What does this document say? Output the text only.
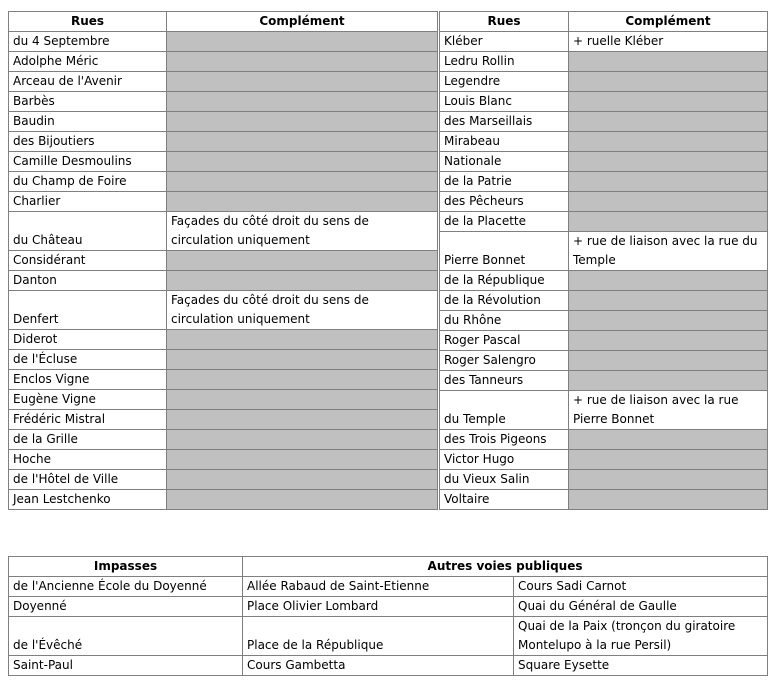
Rues	Complément
du 4 Septembre	
Adolphe Méric	
Arceau de l'Avenir	
Barbès	
Baudin	
des Bijoutiers	
Camille Desmoulins	
du Champ de Foire	
Charlier	
du Château	Façades du côté droit du sens de circulation uniquement
Considérant	
Danton	
Denfert	Façades du côté droit du sens de circulation uniquement
Diderot	
de l'Écluse	
Enclos Vigne	
Eugène Vigne	
Frédéric Mistral	
de la Grille	
Hoche	
de l'Hôtel de Ville	
Jean Lestchenko	
Rues	Complément
Kléber	+ ruelle Kléber
Ledru Rollin	
Legendre	
Louis Blanc	
des Marseillais	
Mirabeau	
Nationale	
de la Patrie	
des Pêcheurs	
de la Placette	
Pierre Bonnet	+ rue de liaison avec la rue du Temple
de la République	
de la Révolution	
du Rhône	
Roger Pascal	
Roger Salengro	
des Tanneurs	
du Temple	+ rue de liaison avec la rue Pierre Bonnet
des Trois Pigeons	
Victor Hugo	
du Vieux Salin	
Voltaire	
Impasses	Autres voies publiques	
de l'Ancienne École du Doyenné	Allée Rabaud de Saint-Etienne	Cours Sadi Carnot
Doyenné	Place Olivier Lombard	Quai du Général de Gaulle
de l'Évêché	Place de la République	Quai de la Paix (tronçon du giratoire Montelupo à la rue Persil)
Saint-Paul	Cours Gambetta	Square Eysette
